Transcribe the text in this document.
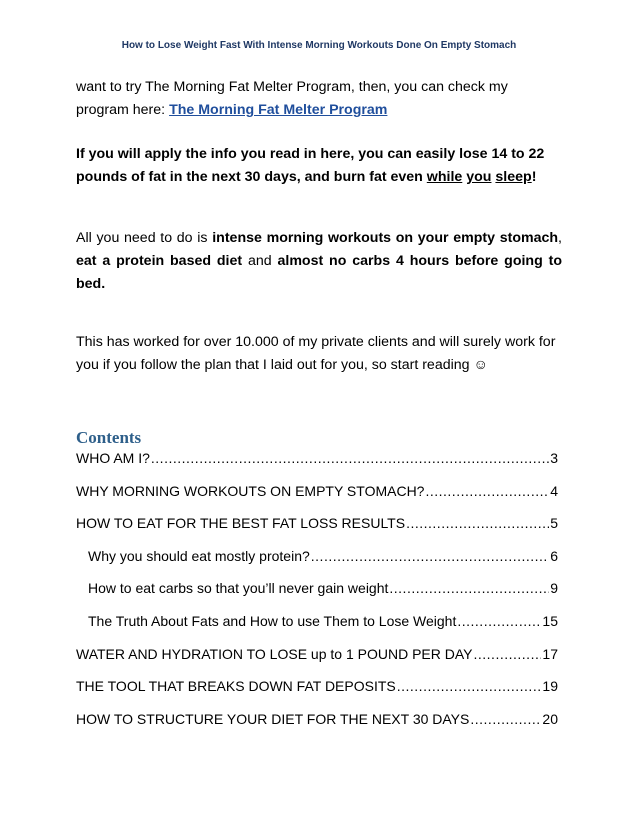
How to Lose Weight Fast With Intense Morning Workouts Done On Empty Stomach
want to try The Morning Fat Melter Program, then, you can check my program here: The Morning Fat Melter Program
If you will apply the info you read in here, you can easily lose 14 to 22 pounds of fat in the next 30 days, and burn fat even while you sleep!
All you need to do is intense morning workouts on your empty stomach, eat a protein based diet and almost no carbs 4 hours before going to bed.
This has worked for over 10.000 of my private clients and will surely work for you if you follow the plan that I laid out for you, so start reading ☺
Contents
WHO AM I? .....	3
WHY MORNING WORKOUTS ON EMPTY STOMACH? .....	4
HOW TO EAT FOR THE BEST FAT LOSS RESULTS .....	5
Why you should eat mostly protein? .....	6
How to eat carbs so that you’ll never gain weight .....	9
The Truth About Fats and How to use Them to Lose Weight .....	15
WATER AND HYDRATION TO LOSE up to 1 POUND PER DAY .....	17
THE TOOL THAT BREAKS DOWN FAT DEPOSITS .....	19
HOW TO STRUCTURE YOUR DIET FOR THE NEXT 30 DAYS .....	20
